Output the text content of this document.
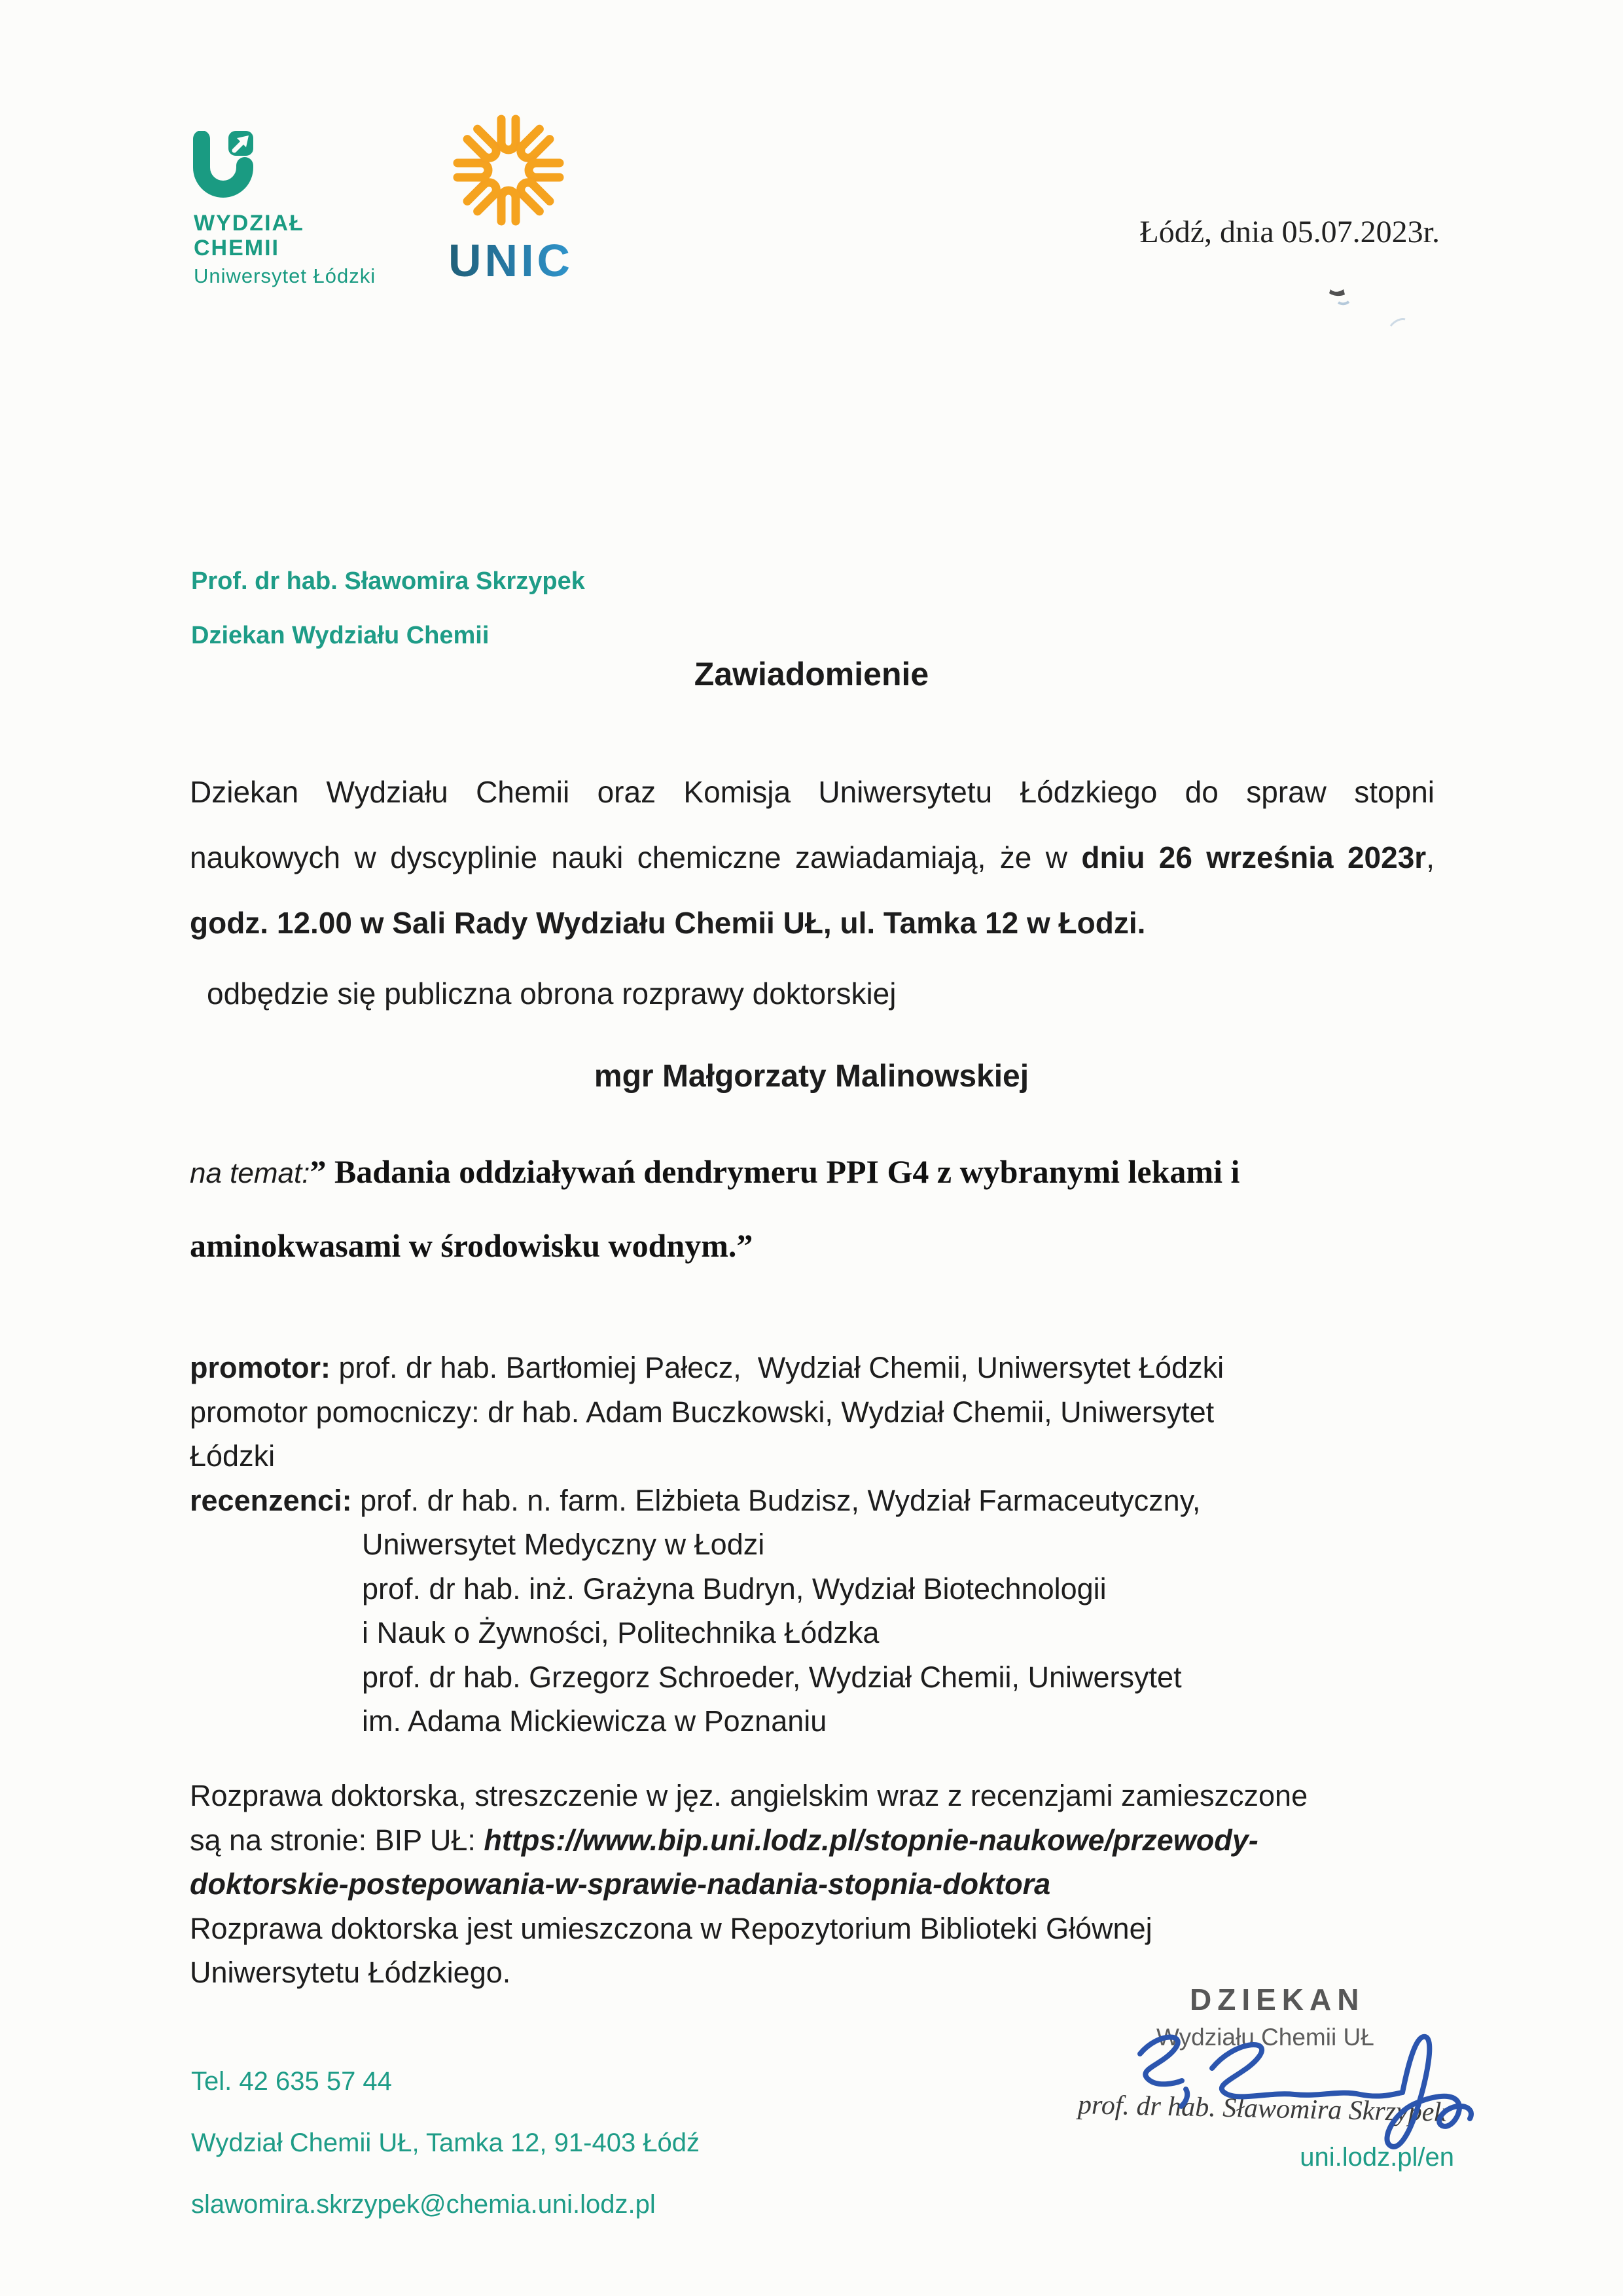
WYDZIAŁ
CHEMII
Uniwersytet Łódzki UNIC
Łódź, dnia 05.07.2023r.
Prof. dr hab. Sławomira Skrzypek
Dziekan Wydziału Chemii
Zawiadomienie
Dziekan Wydziału Chemii oraz Komisja Uniwersytetu Łódzkiego do spraw stopni
naukowych w dyscyplinie nauki chemiczne zawiadamiają, że w dniu 26 września 2023r,
godz. 12.00 w Sali Rady Wydziału Chemii UŁ, ul. Tamka 12 w Łodzi.
odbędzie się publiczna obrona rozprawy doktorskiej
mgr Małgorzaty Malinowskiej
na temat:” Badania oddziaływań dendrymeru PPI G4 z wybranymi lekami i
aminokwasami w środowisku wodnym.”
promotor: prof. dr hab. Bartłomiej Pałecz,  Wydział Chemii, Uniwersytet Łódzki
promotor pomocniczy: dr hab. Adam Buczkowski, Wydział Chemii, Uniwersytet
Łódzki
recenzenci: prof. dr hab. n. farm. Elżbieta Budzisz, Wydział Farmaceutyczny,
Uniwersytet Medyczny w Łodzi
prof. dr hab. inż. Grażyna Budryn, Wydział Biotechnologii
i Nauk o Żywności, Politechnika Łódzka
prof. dr hab. Grzegorz Schroeder, Wydział Chemii, Uniwersytet
im. Adama Mickiewicza w Poznaniu
Rozprawa doktorska, streszczenie w jęz. angielskim wraz z recenzjami zamieszczone
są na stronie: BIP UŁ: https://www.bip.uni.lodz.pl/stopnie-naukowe/przewody-
doktorskie-postepowania-w-sprawie-nadania-stopnia-doktora
Rozprawa doktorska jest umieszczona w Repozytorium Biblioteki Głównej
Uniwersytetu Łódzkiego.
DZIEKAN
Wydziału Chemii UŁ
prof. dr hab. Sławomira Skrzypek
Tel. 42 635 57 44
Wydział Chemii UŁ, Tamka 12, 91-403 Łódź
slawomira.skrzypek@chemia.uni.lodz.pl
uni.lodz.pl/en
